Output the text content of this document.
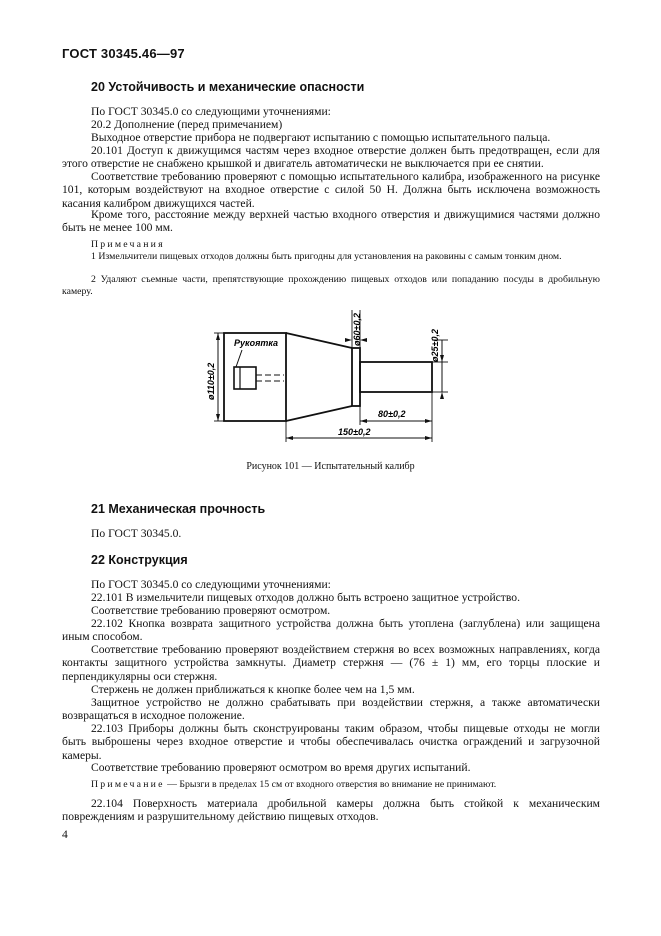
ГОСТ 30345.46—97
20 Устойчивость и механические опасности
По ГОСТ 30345.0 со следующими уточнениями:
20.2 Дополнение (перед примечанием)
Выходное отверстие прибора не подвергают испытанию с помощью испытательного пальца.
20.101 Доступ к движущимся частям через входное отверстие должен быть предотвращен, если для этого отверстие не снабжено крышкой и двигатель автоматически не выключается при ее снятии.
Соответствие требованию проверяют с помощью испытательного калибра, изображенного на рисунке 101, которым воздействуют на входное отверстие с силой 50 Н. Должна быть исключена возможность касания калибром движущихся частей.
Кроме того, расстояние между верхней частью входного отверстия и движущимися частями должно быть не менее 100 мм.
Примечания
1 Измельчители пищевых отходов должны быть пригодны для установления на раковины с самым тонким дном.
2 Удаляют съемные части, препятствующие прохождению пищевых отходов или попаданию посуды в дробильную камеру.
Рукоятка
ø110±0,2
ø60±0,2	ø25±0,2
80±0,2
150±0,2
Рисунок 101 — Испытательный калибр
21 Механическая прочность
По ГОСТ 30345.0.
22 Конструкция
По ГОСТ 30345.0 со следующими уточнениями:
22.101 В измельчители пищевых отходов должно быть встроено защитное устройство.
Соответствие требованию проверяют осмотром.
22.102 Кнопка возврата защитного устройства должна быть утоплена (заглублена) или защищена иным способом.
Соответствие требованию проверяют воздействием стержня во всех возможных направлениях, когда контакты защитного устройства замкнуты. Диаметр стержня — (76 ± 1) мм, его торцы плоские и перпендикулярны оси стержня.
Стержень не должен приближаться к кнопке более чем на 1,5 мм.
Защитное устройство не должно срабатывать при воздействии стержня, а также автоматически возвращаться в исходное положение.
22.103 Приборы должны быть сконструированы таким образом, чтобы пищевые отходы не могли быть выброшены через входное отверстие и чтобы обеспечивалась очистка ограждений и загрузочной камеры.
Соответствие требованию проверяют осмотром во время других испытаний.
Примечание — Брызги в пределах 15 см от входного отверстия во внимание не принимают.
22.104 Поверхность материала дробильной камеры должна быть стойкой к механическим повреждениям и разрушительному действию пищевых отходов.
4
